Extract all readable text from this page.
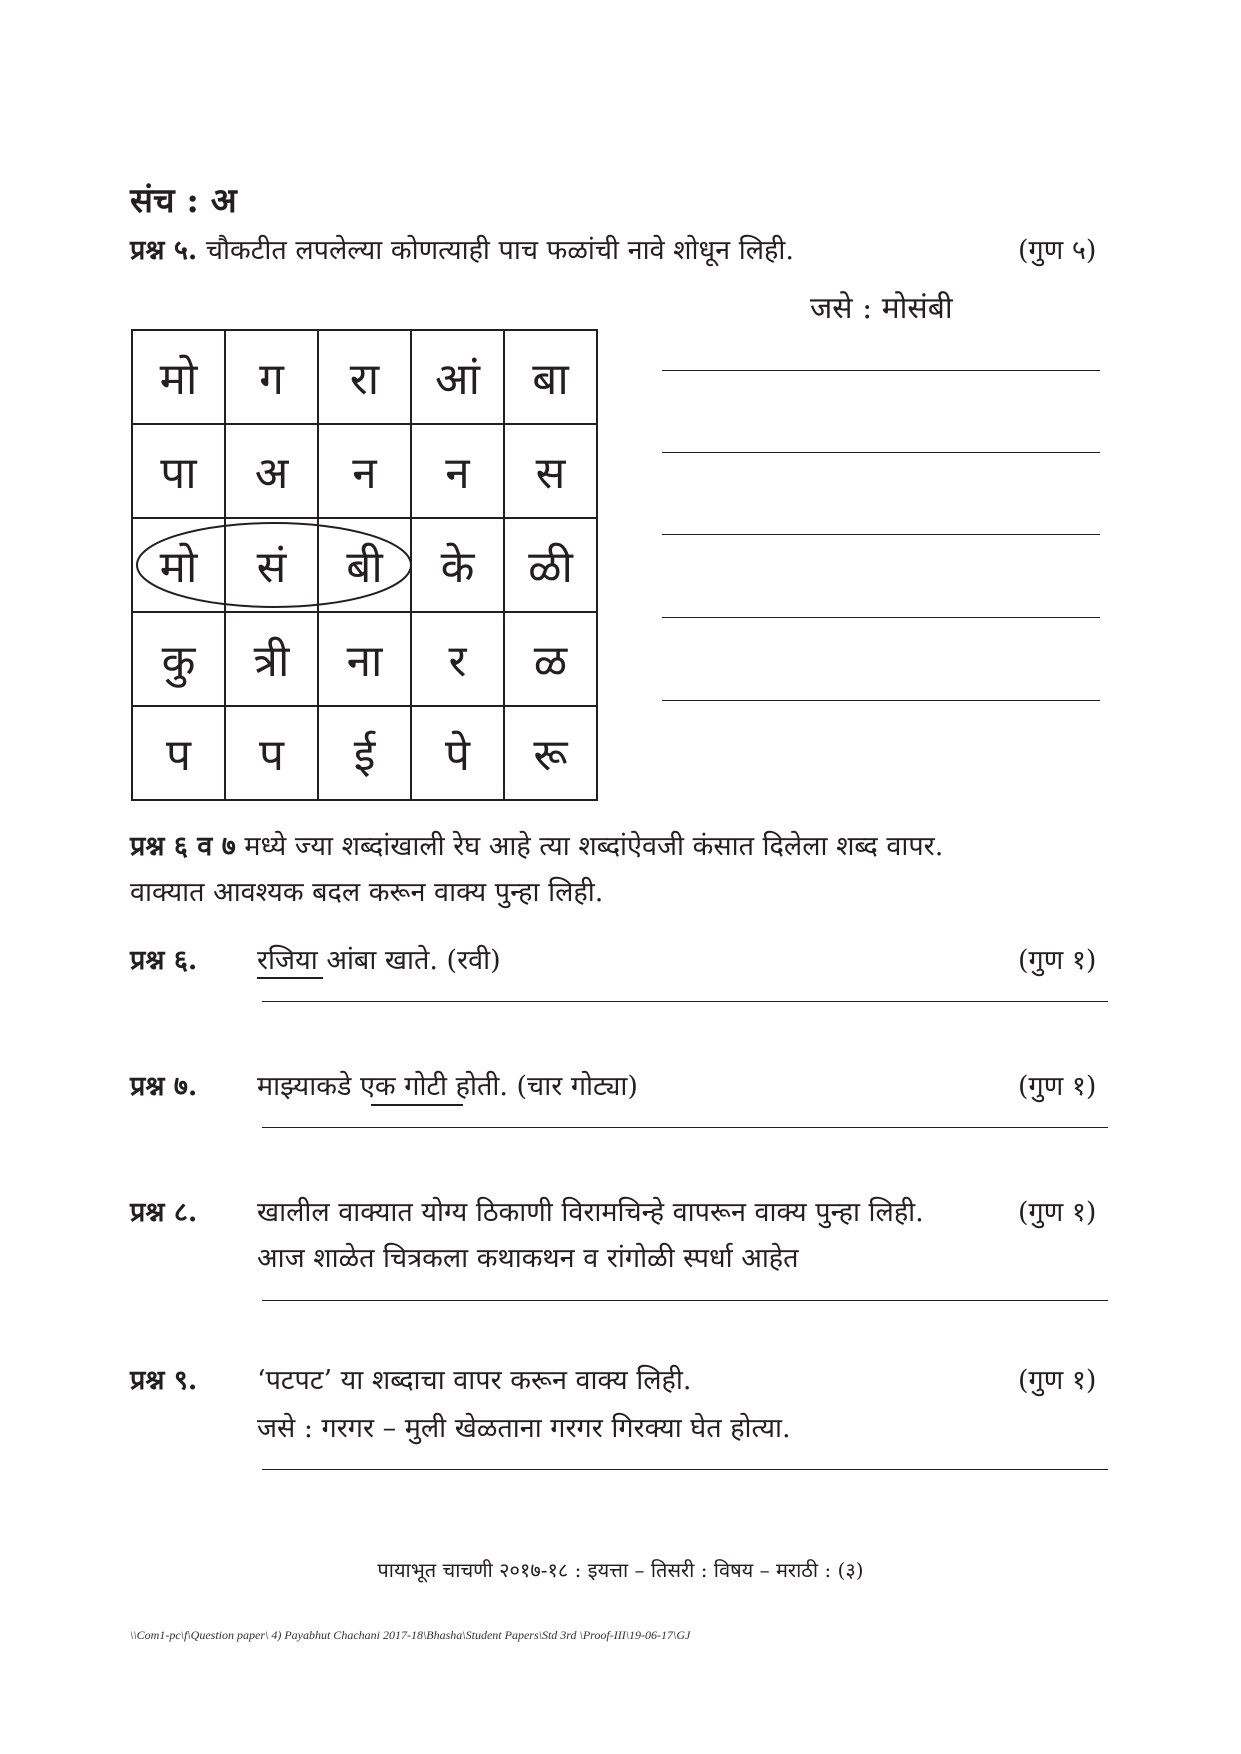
संच : अ
प्रश्न ५. चौकटीत लपलेल्या कोणत्याही पाच फळांची नावे शोधून लिही.	(गुण ५)
जसे : मोसंबी
मो	ग	रा	आं	बा
पा	अ	न	न	स
मो	सं	बी	के	ळी
कु	त्री	ना	र	ळ
प	प	ई	पे	रू
प्रश्न ६ व ७ मध्ये ज्या शब्दांखाली रेघ आहे त्या शब्दांऐवजी कंसात दिलेला शब्द वापर.
वाक्यात आवश्यक बदल करून वाक्य पुन्हा लिही.
प्रश्न ६. रजिया आंबा खाते. (रवी)	(गुण १)
प्रश्न ७. माझ्याकडे एक गोटी होती. (चार गोट्या)	(गुण १)
प्रश्न ८. खालील वाक्यात योग्य ठिकाणी विरामचिन्हे वापरून वाक्य पुन्हा लिही.	(गुण १)
आज शाळेत चित्रकला कथाकथन व रांगोळी स्पर्धा आहेत
प्रश्न ९. ‘पटपट’ या शब्दाचा वापर करून वाक्य लिही.	(गुण १)
जसे : गरगर – मुली खेळताना गरगर गिरक्या घेत होत्या.
पायाभूत चाचणी २०१७-१८ : इयत्ता – तिसरी : विषय – मराठी : (३)
\\Com1-pc\f\Question paper\ 4) Payabhut Chachani 2017-18\Bhasha\Student Papers\Std 3rd \Proof-III\19-06-17\GJ
